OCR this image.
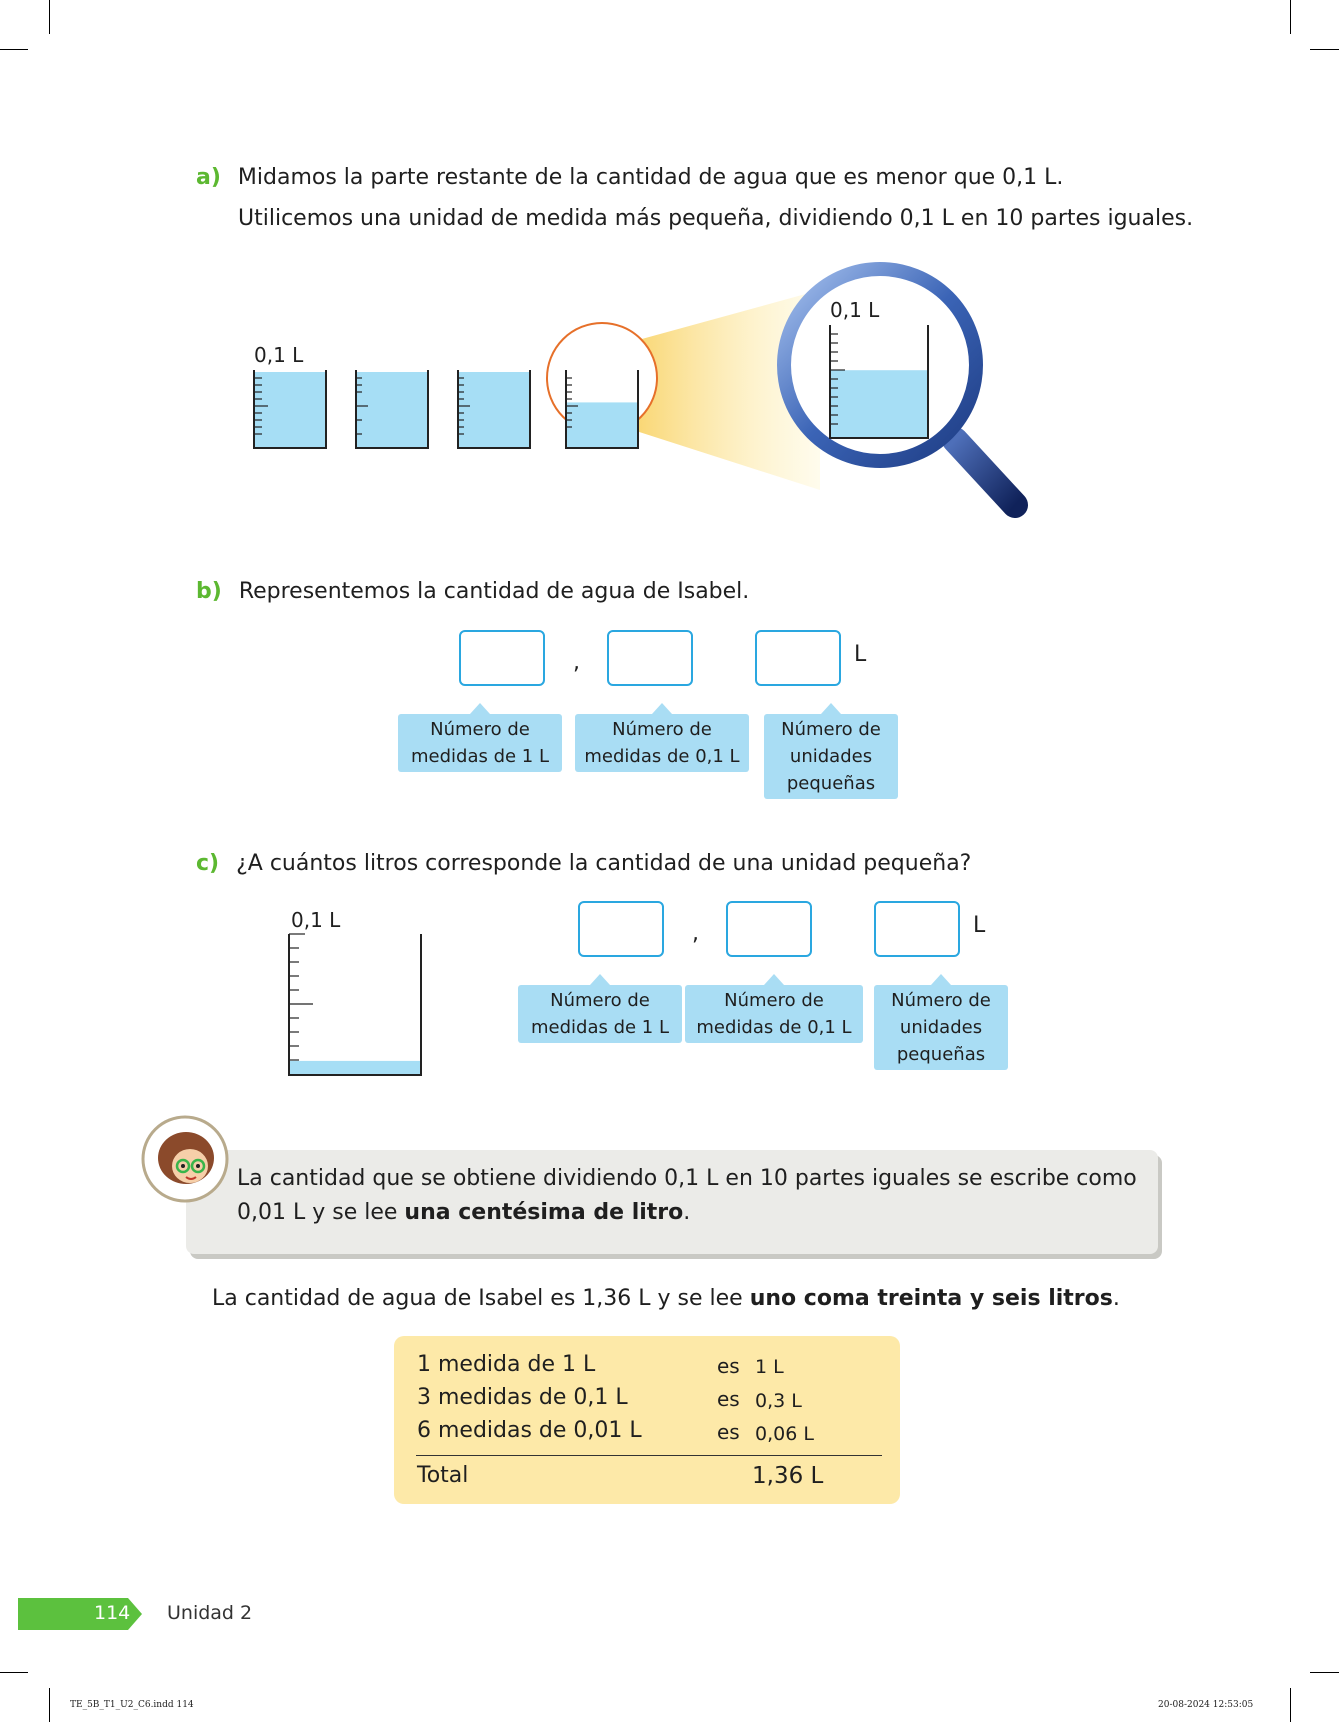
a) Midamos la parte restante de la cantidad de agua que es menor que 0,1 L.
Utilicemos una unidad de medida más pequeña, dividiendo 0,1 L en 10 partes iguales.
0,1 L
0,1 L
b) Representemos la cantidad de agua de Isabel.
,	L
Número de medidas de 1 L
Número de medidas de 0,1 L
Número de unidades pequeñas
c) ¿A cuántos litros corresponde la cantidad de una unidad pequeña?
0,1 L
,	L
Número de medidas de 1 L
Número de medidas de 0,1 L
Número de unidades pequeñas
La cantidad que se obtiene dividiendo 0,1 L en 10 partes iguales se escribe como 0,01 L y se lee una centésima de litro.
La cantidad de agua de Isabel es 1,36 L y se lee uno coma treinta y seis litros.
1 medida de 1 L	es 1 L
3 medidas de 0,1 L	es 0,3 L
6 medidas de 0,01 L	es 0,06 L
Total	1,36 L
114 Unidad 2
TE_5B_T1_U2_C6.indd 114	20-08-2024 12:53:05
